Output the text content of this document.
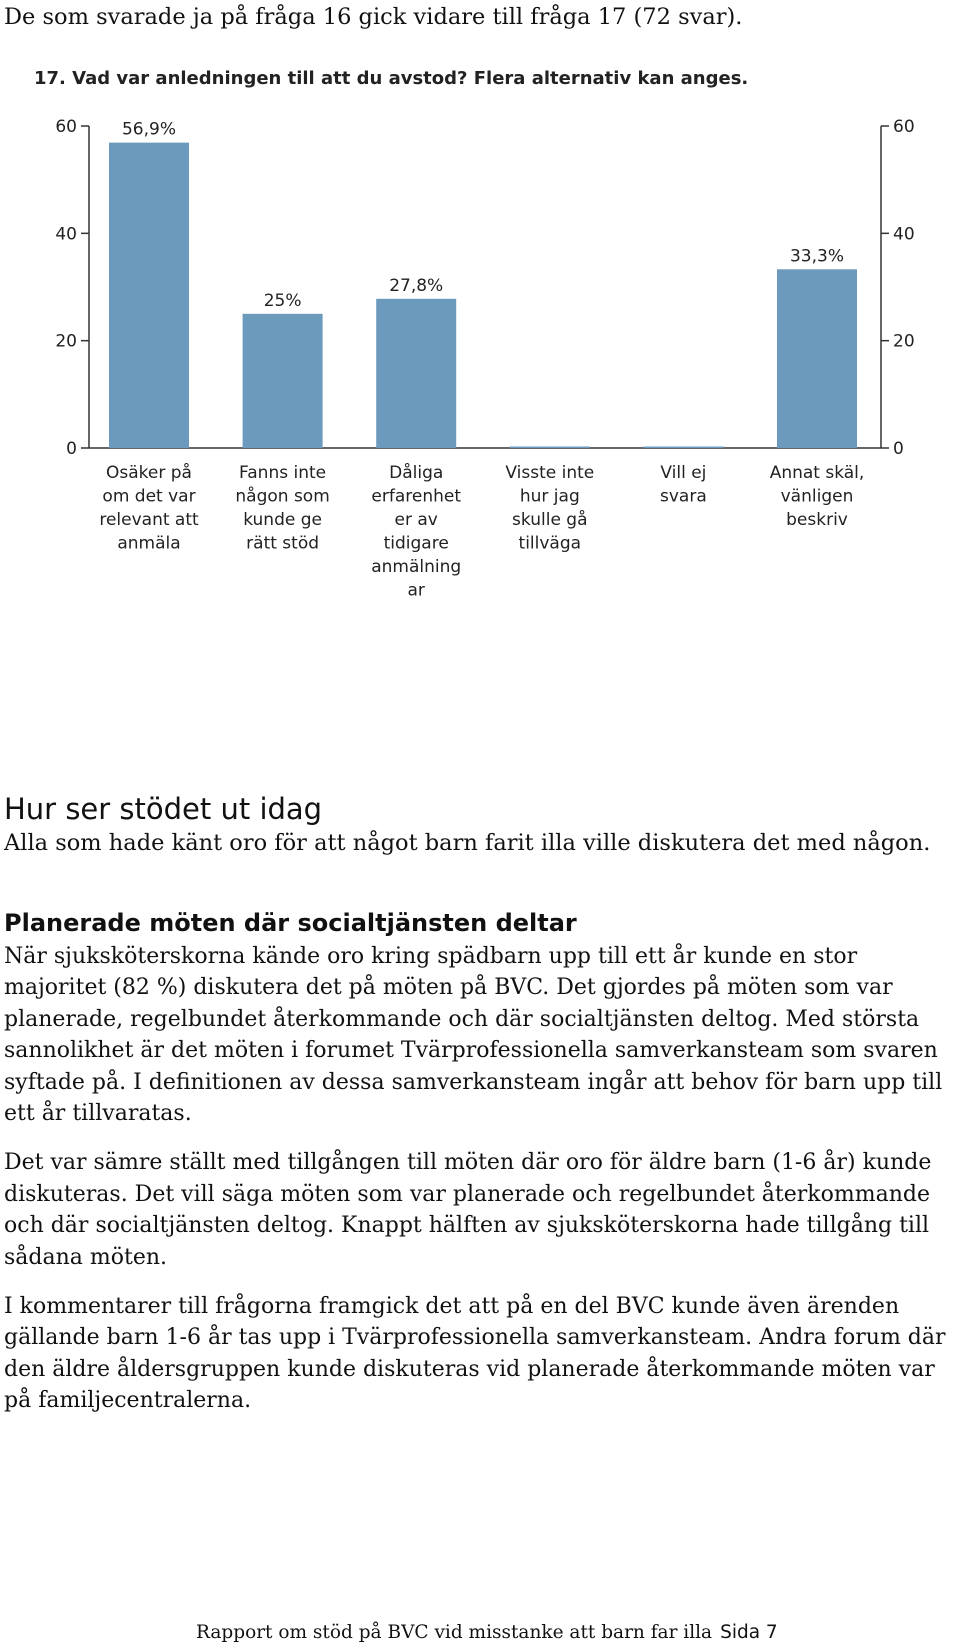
De som svarade ja på fråga 16 gick vidare till fråga 17 (72 svar).
17. Vad var anledningen till att du avstod? Flera alternativ kan anges.
0	0
20	20
40	40
60	60
56,9%
Osäker på
om det var
relevant att
anmäla
25%
Fanns inte
någon som
kunde ge
rätt stöd
27,8%
Dåliga
erfarenhet
er av
tidigare
anmälning
ar
Visste inte
hur jag
skulle gå
tillväga
Vill ej
svara
33,3%
Annat skäl,
vänligen
beskriv
Hur ser stödet ut idag

Alla som hade känt oro för att något barn farit illa ville diskutera det med någon.

Planerade möten där socialtjänsten deltar

När sjuksköterskorna kände oro kring spädbarn upp till ett år kunde en stor majoritet (82 %) diskutera det på möten på BVC. Det gjordes på möten som var planerade, regelbundet återkommande och där socialtjänsten deltog. Med största sannolikhet är det möten i forumet Tvärprofessionella samverkansteam som svaren syftade på. I definitionen av dessa samverkansteam ingår att behov för barn upp till ett år tillvaratas.

Det var sämre ställt med tillgången till möten där oro för äldre barn (1-6 år) kunde diskuteras. Det vill säga möten som var planerade och regelbundet återkommande och där socialtjänsten deltog. Knappt hälften av sjuksköterskorna hade tillgång till sådana möten.

I kommentarer till frågorna framgick det att på en del BVC kunde även ärenden gällande barn 1-6 år tas upp i Tvärprofessionella samverkansteam. Andra forum där den äldre åldersgruppen kunde diskuteras vid planerade återkommande möten var på familjecentralerna.

Rapport om stöd på BVC vid misstanke att barn far illa Sida 7
